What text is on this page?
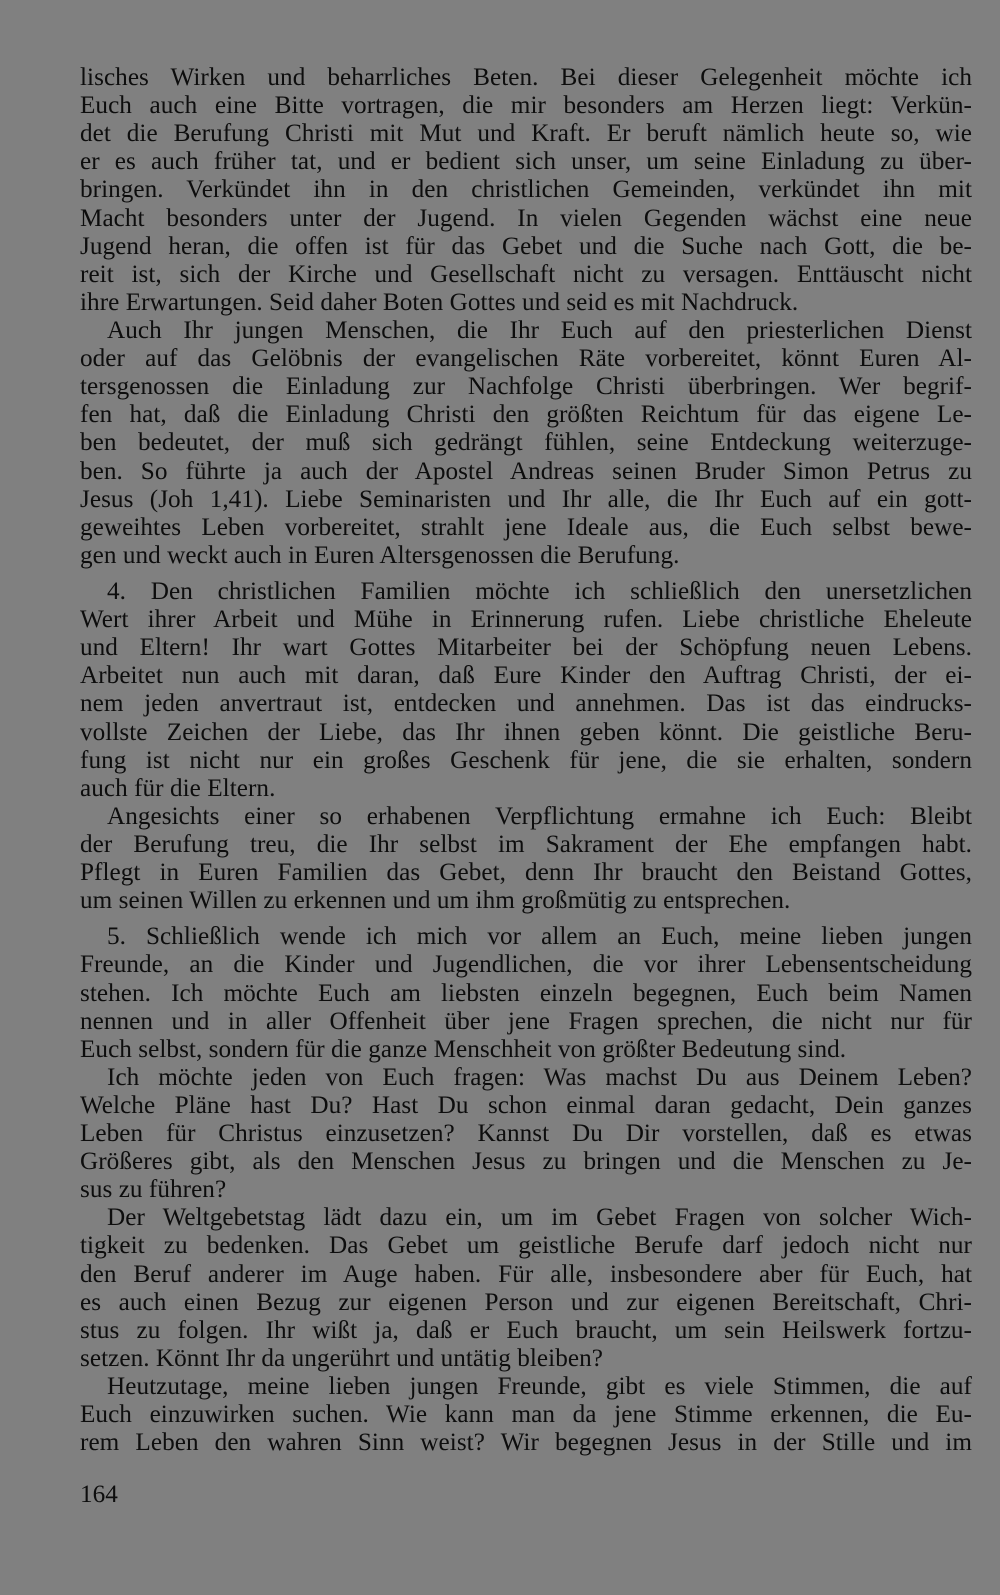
lisches Wirken und beharrliches Beten. Bei dieser Gelegenheit möchte ich
Euch auch eine Bitte vortragen, die mir besonders am Herzen liegt: Verkün-
det die Berufung Christi mit Mut und Kraft. Er beruft nämlich heute so, wie
er es auch früher tat, und er bedient sich unser, um seine Einladung zu über-
bringen. Verkündet ihn in den christlichen Gemeinden, verkündet ihn mit
Macht besonders unter der Jugend. In vielen Gegenden wächst eine neue
Jugend heran, die offen ist für das Gebet und die Suche nach Gott, die be-
reit ist, sich der Kirche und Gesellschaft nicht zu versagen. Enttäuscht nicht
ihre Erwartungen. Seid daher Boten Gottes und seid es mit Nachdruck.
Auch Ihr jungen Menschen, die Ihr Euch auf den priesterlichen Dienst
oder auf das Gelöbnis der evangelischen Räte vorbereitet, könnt Euren Al-
tersgenossen die Einladung zur Nachfolge Christi überbringen. Wer begrif-
fen hat, daß die Einladung Christi den größten Reichtum für das eigene Le-
ben bedeutet, der muß sich gedrängt fühlen, seine Entdeckung weiterzuge-
ben. So führte ja auch der Apostel Andreas seinen Bruder Simon Petrus zu
Jesus (Joh 1,41). Liebe Seminaristen und Ihr alle, die Ihr Euch auf ein gott-
geweihtes Leben vorbereitet, strahlt jene Ideale aus, die Euch selbst bewe-
gen und weckt auch in Euren Altersgenossen die Berufung.
4. Den christlichen Familien möchte ich schließlich den unersetzlichen
Wert ihrer Arbeit und Mühe in Erinnerung rufen. Liebe christliche Eheleute
und Eltern! Ihr wart Gottes Mitarbeiter bei der Schöpfung neuen Lebens.
Arbeitet nun auch mit daran, daß Eure Kinder den Auftrag Christi, der ei-
nem jeden anvertraut ist, entdecken und annehmen. Das ist das eindrucks-
vollste Zeichen der Liebe, das Ihr ihnen geben könnt. Die geistliche Beru-
fung ist nicht nur ein großes Geschenk für jene, die sie erhalten, sondern
auch für die Eltern.
Angesichts einer so erhabenen Verpflichtung ermahne ich Euch: Bleibt
der Berufung treu, die Ihr selbst im Sakrament der Ehe empfangen habt.
Pflegt in Euren Familien das Gebet, denn Ihr braucht den Beistand Gottes,
um seinen Willen zu erkennen und um ihm großmütig zu entsprechen.
5. Schließlich wende ich mich vor allem an Euch, meine lieben jungen
Freunde, an die Kinder und Jugendlichen, die vor ihrer Lebensentscheidung
stehen. Ich möchte Euch am liebsten einzeln begegnen, Euch beim Namen
nennen und in aller Offenheit über jene Fragen sprechen, die nicht nur für
Euch selbst, sondern für die ganze Menschheit von größter Bedeutung sind.
Ich möchte jeden von Euch fragen: Was machst Du aus Deinem Leben?
Welche Pläne hast Du? Hast Du schon einmal daran gedacht, Dein ganzes
Leben für Christus einzusetzen? Kannst Du Dir vorstellen, daß es etwas
Größeres gibt, als den Menschen Jesus zu bringen und die Menschen zu Je-
sus zu führen?
Der Weltgebetstag lädt dazu ein, um im Gebet Fragen von solcher Wich-
tigkeit zu bedenken. Das Gebet um geistliche Berufe darf jedoch nicht nur
den Beruf anderer im Auge haben. Für alle, insbesondere aber für Euch, hat
es auch einen Bezug zur eigenen Person und zur eigenen Bereitschaft, Chri-
stus zu folgen. Ihr wißt ja, daß er Euch braucht, um sein Heilswerk fortzu-
setzen. Könnt Ihr da ungerührt und untätig bleiben?
Heutzutage, meine lieben jungen Freunde, gibt es viele Stimmen, die auf
Euch einzuwirken suchen. Wie kann man da jene Stimme erkennen, die Eu-
rem Leben den wahren Sinn weist? Wir begegnen Jesus in der Stille und im
164
